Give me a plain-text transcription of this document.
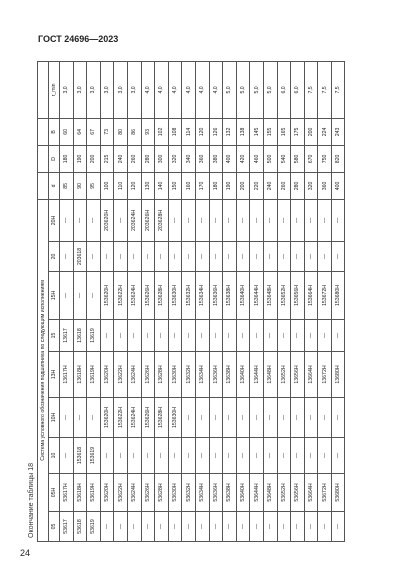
ГОСТ 24696—2023
24
Окончание таблицы 18
Система условного обозначения подшипника по следующим исполнениям												
05	05Н	10	10Н	13Н	15	15Н	20	20Н	d	D	B	r_min
53617	53617Н	—	—	13617Н	13617	—	—	—	85	180	60	3,0
53618	53618Н	153618	—	13618Н	13618	—	203618	—	90	190	64	3,0
53619	53619Н	153619	—	13619Н	13619	—	—	—	95	200	67	3,0
—	53620Н	—	153620Н	13620Н	—	153620Н	—	203620Н	100	215	73	3,0
—	53622Н	—	153622Н	13622Н	—	153622Н	—	—	110	240	80	3,0
—	53624Н	—	153624Н	13624Н	—	153624Н	—	203624Н	120	260	86	3,0
—	53626Н	—	153626Н	13626Н	—	153626Н	—	203626Н	130	280	93	4,0
—	53628Н	—	153628Н	13628Н	—	153628Н	—	203628Н	140	300	102	4,0
—	53630Н	—	153630Н	13630Н	—	153630Н	—	—	150	320	108	4,0
—	53632Н	—	—	13632Н	—	153632Н	—	—	160	340	114	4,0
—	53634Н	—	—	13634Н	—	153634Н	—	—	170	360	120	4,0
—	53636Н	—	—	13636Н	—	153636Н	—	—	180	380	126	4,0
—	53638Н	—	—	13638Н	—	153638Н	—	—	190	400	132	5,0
—	53640Н	—	—	13640Н	—	153640Н	—	—	200	420	138	5,0
—	53644Н	—	—	13644Н	—	153644Н	—	—	220	460	145	5,0
—	53648Н	—	—	13648Н	—	153648Н	—	—	240	500	155	5,0
—	53652Н	—	—	13652Н	—	153652Н	—	—	260	540	165	6,0
—	53656Н	—	—	13656Н	—	153656Н	—	—	280	580	175	6,0
—	53664Н	—	—	13664Н	—	153664Н	—	—	320	670	200	7,5
—	53672Н	—	—	13672Н	—	153672Н	—	—	360	750	224	7,5
—	53680Н	—	—	13680Н	—	153680Н	—	—	400	820	243	7,5
